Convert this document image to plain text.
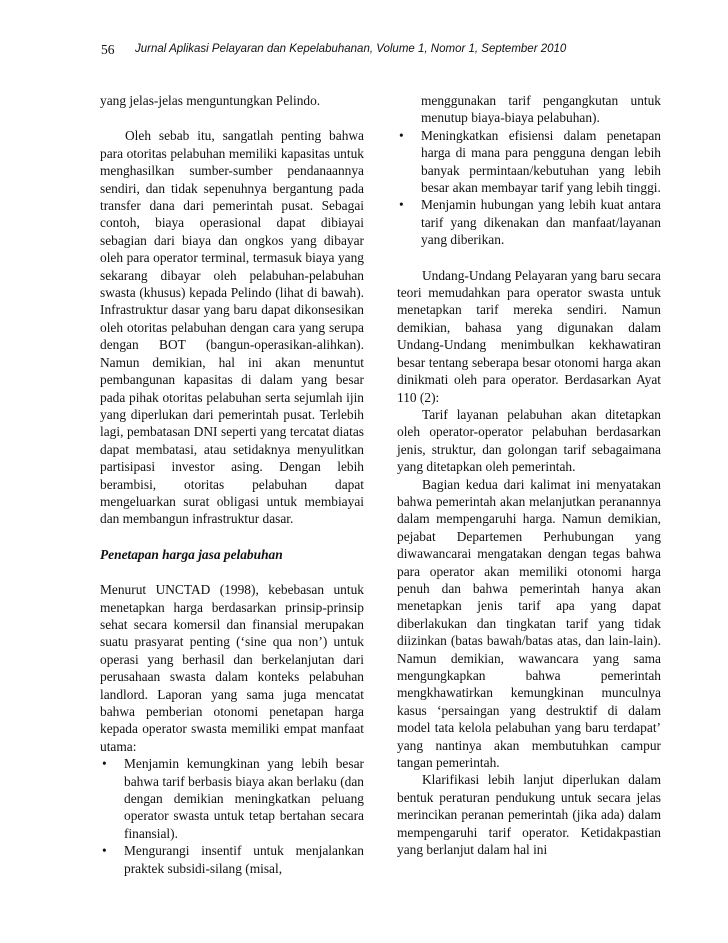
56 Jurnal Aplikasi Pelayaran dan Kepelabuhanan, Volume 1, Nomor 1, September 2010

yang jelas-jelas menguntungkan Pelindo.

Oleh sebab itu, sangatlah penting bahwa para otoritas pelabuhan memiliki kapasitas untuk menghasilkan sumber-sumber pendanaannya sendiri, dan tidak sepenuhnya bergantung pada transfer dana dari pemerintah pusat. Sebagai contoh, biaya operasional dapat dibiayai sebagian dari biaya dan ongkos yang dibayar oleh para operator terminal, termasuk biaya yang sekarang dibayar oleh pelabuhan-pelabuhan swasta (khusus) kepada Pelindo (lihat di bawah). Infrastruktur dasar yang baru dapat dikonsesikan oleh otoritas pelabuhan dengan cara yang serupa dengan BOT (bangun-operasikan-alihkan). Namun demikian, hal ini akan menuntut pembangunan kapasitas di dalam yang besar pada pihak otoritas pelabuhan serta sejumlah ijin yang diperlukan dari pemerintah pusat. Terlebih lagi, pembatasan DNI seperti yang tercatat diatas dapat membatasi, atau setidaknya menyulitkan partisipasi investor asing. Dengan lebih berambisi, otoritas pelabuhan dapat mengeluarkan surat obligasi untuk membiayai dan membangun infrastruktur dasar.

Penetapan harga jasa pelabuhan

Menurut UNCTAD (1998), kebebasan untuk menetapkan harga berdasarkan prinsip-prinsip sehat secara komersil dan finansial merupakan suatu prasyarat penting (‘sine qua non’) untuk operasi yang berhasil dan berkelanjutan dari perusahaan swasta dalam konteks pelabuhan landlord. Laporan yang sama juga mencatat bahwa pemberian otonomi penetapan harga kepada operator swasta memiliki empat manfaat utama:

• Menjamin kemungkinan yang lebih besar bahwa tarif berbasis biaya akan berlaku (dan dengan demikian meningkatkan peluang operator swasta untuk tetap bertahan secara finansial).
• Mengurangi insentif untuk menjalankan praktek subsidi-silang (misal,
menggunakan tarif pengangkutan untuk menutup biaya-biaya pelabuhan).
• Meningkatkan efisiensi dalam penetapan harga di mana para pengguna dengan lebih banyak permintaan/kebutuhan yang lebih besar akan membayar tarif yang lebih tinggi.
• Menjamin hubungan yang lebih kuat antara tarif yang dikenakan dan manfaat/layanan yang diberikan.

Undang-Undang Pelayaran yang baru secara teori memudahkan para operator swasta untuk menetapkan tarif mereka sendiri. Namun demikian, bahasa yang digunakan dalam Undang-Undang menimbulkan kekhawatiran besar tentang seberapa besar otonomi harga akan dinikmati oleh para operator. Berdasarkan Ayat 110 (2):

Tarif layanan pelabuhan akan ditetapkan oleh operator-operator pelabuhan berdasarkan jenis, struktur, dan golongan tarif sebagaimana yang ditetapkan oleh pemerintah.

Bagian kedua dari kalimat ini menyatakan bahwa pemerintah akan melanjutkan peranannya dalam mempengaruhi harga. Namun demikian, pejabat Departemen Perhubungan yang diwawancarai mengatakan dengan tegas bahwa para operator akan memiliki otonomi harga penuh dan bahwa pemerintah hanya akan menetapkan jenis tarif apa yang dapat diberlakukan dan tingkatan tarif yang tidak diizinkan (batas bawah/batas atas, dan lain-lain). Namun demikian, wawancara yang sama mengungkapkan bahwa pemerintah mengkhawatirkan kemungkinan munculnya kasus ‘persaingan yang destruktif di dalam model tata kelola pelabuhan yang baru terdapat’ yang nantinya akan membutuhkan campur tangan pemerintah.

Klarifikasi lebih lanjut diperlukan dalam bentuk peraturan pendukung untuk secara jelas merincikan peranan pemerintah (jika ada) dalam mempengaruhi tarif operator. Ketidakpastian yang berlanjut dalam hal ini
